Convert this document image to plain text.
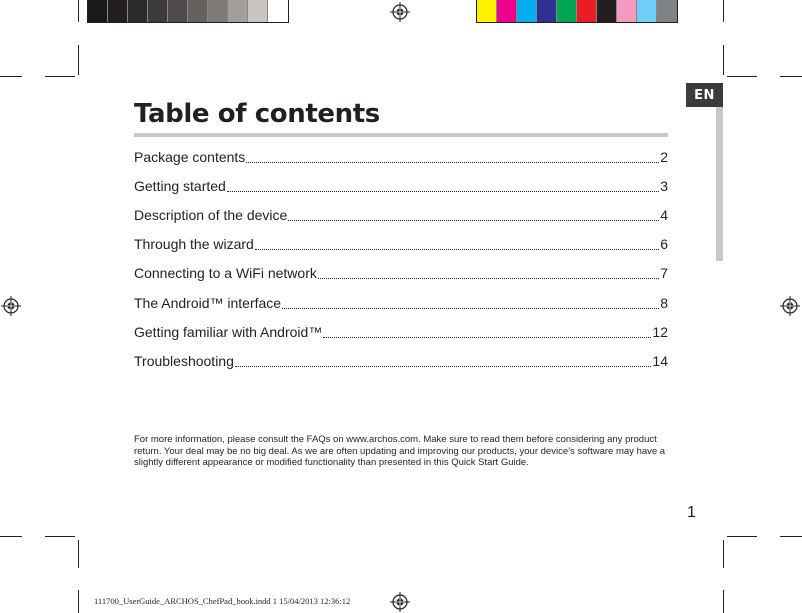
EN
Table of contents
Package contents	2
Getting started	3
Description of the device	4
Through the wizard	6
Connecting to a WiFi network	7
The Android™ interface	8
Getting familiar with Android™	12
Troubleshooting	14

For more information, please consult the FAQs on www.archos.com. Make sure to read them before considering any product return. Your deal may be no big deal. As we are often updating and improving our products, your device’s software may have a slightly different appearance or modified functionality than presented in this Quick Start Guide.

1
111700_UserGuide_ARCHOS_ChefPad_book.indd 1 15/04/2013 12:36:12
